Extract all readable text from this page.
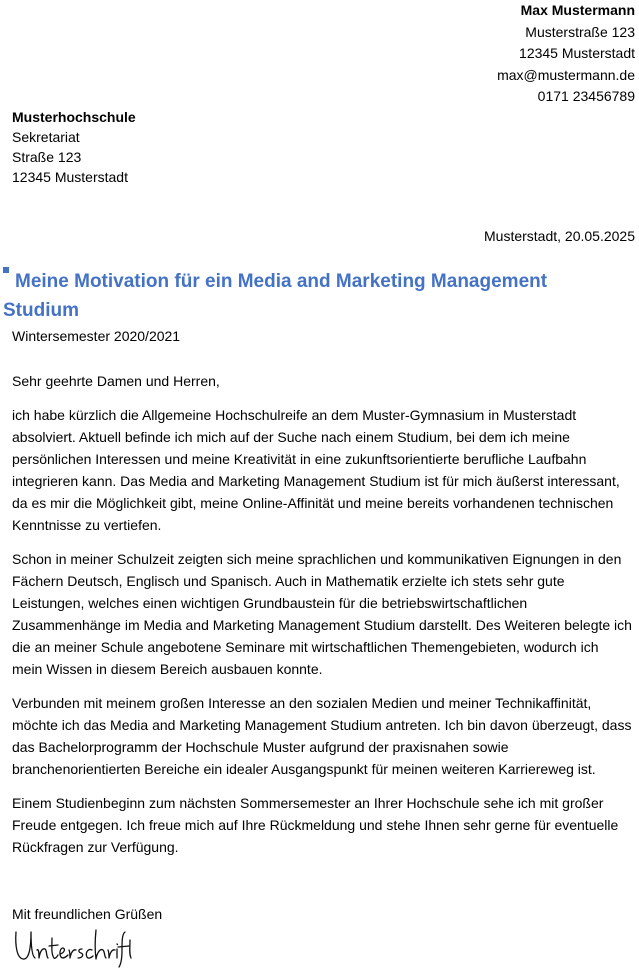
Max Mustermann
Musterstraße 123
12345 Musterstadt
max@mustermann.de
0171 23456789
Musterhochschule
Sekretariat
Straße 123
12345 Musterstadt
Musterstadt, 20.05.2025
Meine Motivation für ein Media and Marketing Management Studium
Wintersemester 2020/2021

Sehr geehrte Damen und Herren,

ich habe kürzlich die Allgemeine Hochschulreife an dem Muster-Gymnasium in Musterstadt absolviert. Aktuell befinde ich mich auf der Suche nach einem Studium, bei dem ich meine persönlichen Interessen und meine Kreativität in eine zukunftsorientierte berufliche Laufbahn integrieren kann. Das Media and Marketing Management Studium ist für mich äußerst interessant, da es mir die Möglichkeit gibt, meine Online-Affinität und meine bereits vorhandenen technischen Kenntnisse zu vertiefen.

Schon in meiner Schulzeit zeigten sich meine sprachlichen und kommunikativen Eignungen in den Fächern Deutsch, Englisch und Spanisch. Auch in Mathematik erzielte ich stets sehr gute Leistungen, welches einen wichtigen Grundbaustein für die betriebswirtschaftlichen Zusammenhänge im Media and Marketing Management Studium darstellt. Des Weiteren belegte ich die an meiner Schule angebotene Seminare mit wirtschaftlichen Themengebieten, wodurch ich mein Wissen in diesem Bereich ausbauen konnte.

Verbunden mit meinem großen Interesse an den sozialen Medien und meiner Technikaffinität, möchte ich das Media and Marketing Management Studium antreten. Ich bin davon überzeugt, dass das Bachelorprogramm der Hochschule Muster aufgrund der praxisnahen sowie branchenorientierten Bereiche ein idealer Ausgangspunkt für meinen weiteren Karriereweg ist.

Einem Studienbeginn zum nächsten Sommersemester an Ihrer Hochschule sehe ich mit großer Freude entgegen. Ich freue mich auf Ihre Rückmeldung und stehe Ihnen sehr gerne für eventuelle Rückfragen zur Verfügung.

Mit freundlichen Grüßen
